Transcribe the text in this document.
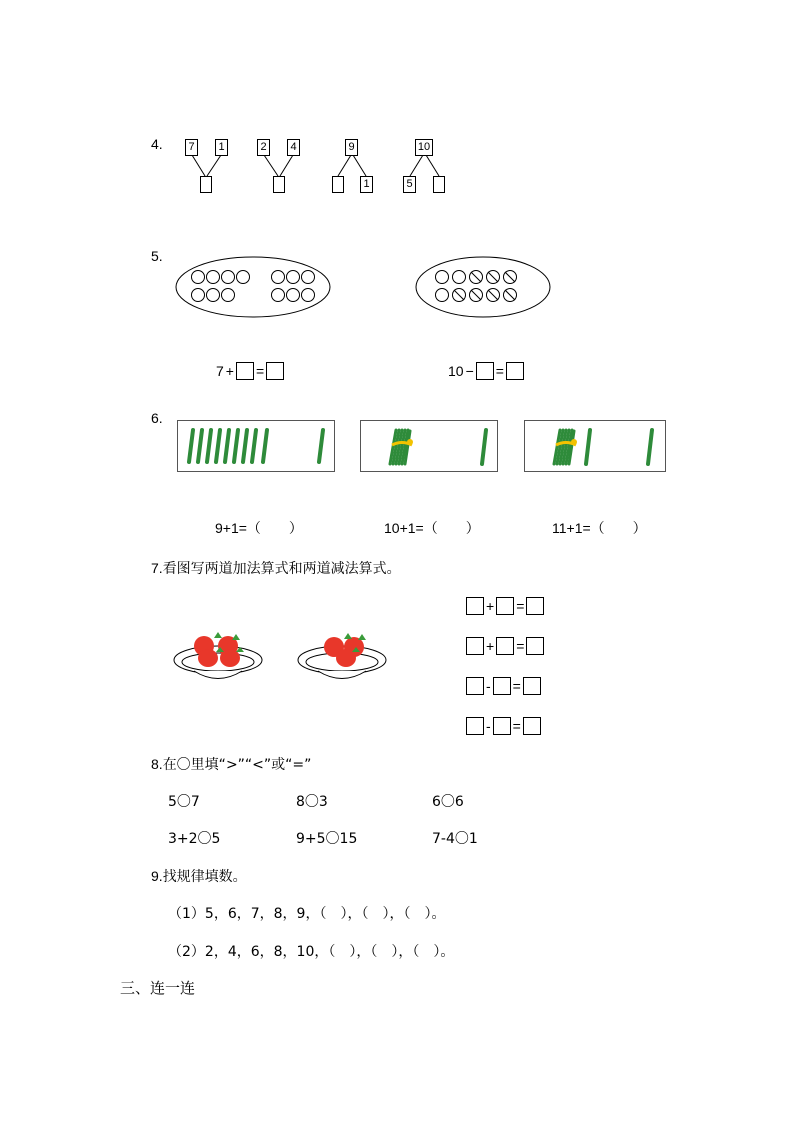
4.	7	1	2	4	9
1
10
5
5.
7 + =	10 − =
6.
9+1=（　　）	10+1=（　　）	11+1=（　　）
7.看图写两道加法算式和两道减法算式。
+ =
+ =
- =
- =
8.在〇里填“>”“<”或“=”
5〇7	8〇3	6〇6
3+2〇5	9+5〇15	7-4〇1
9.找规律填数。
（1）5，6，7，8，9，（　），（　），（　）。
（2）2，4，6，8，10，（　），（　），（　）。
三、连一连
